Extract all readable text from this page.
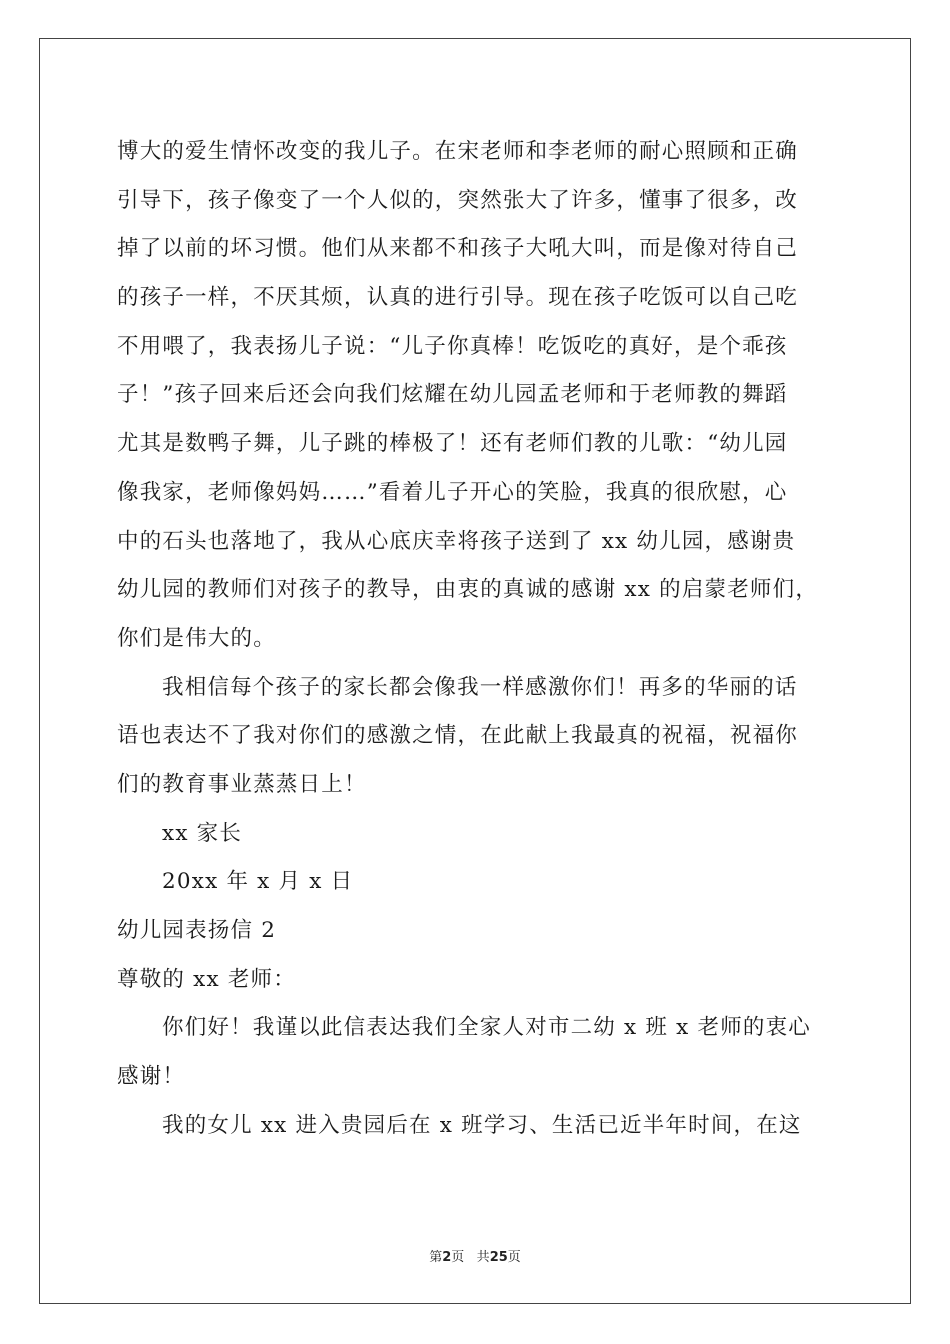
博大的爱生情怀改变的我儿子。在宋老师和李老师的耐心照顾和正确
引导下，孩子像变了一个人似的，突然张大了许多，懂事了很多，改
掉了以前的坏习惯。他们从来都不和孩子大吼大叫，而是像对待自己
的孩子一样，不厌其烦，认真的进行引导。现在孩子吃饭可以自己吃
不用喂了，我表扬儿子说：“儿子你真棒！吃饭吃的真好，是个乖孩
子！”孩子回来后还会向我们炫耀在幼儿园孟老师和于老师教的舞蹈
尤其是数鸭子舞，儿子跳的棒极了！还有老师们教的儿歌：“幼儿园
像我家，老师像妈妈……”看着儿子开心的笑脸，我真的很欣慰，心
中的石头也落地了，我从心底庆幸将孩子送到了 xx 幼儿园，感谢贵
幼儿园的教师们对孩子的教导，由衷的真诚的感谢 xx 的启蒙老师们，
你们是伟大的。
我相信每个孩子的家长都会像我一样感激你们！再多的华丽的话
语也表达不了我对你们的感激之情，在此献上我最真的祝福，祝福你
们的教育事业蒸蒸日上！
xx 家长
20xx 年 x 月 x 日
幼儿园表扬信 2
尊敬的 xx 老师：
你们好！我谨以此信表达我们全家人对市二幼 x 班 x 老师的衷心
感谢！
我的女儿 xx 进入贵园后在 x 班学习、生活已近半年时间，在这
第2页 共25页
